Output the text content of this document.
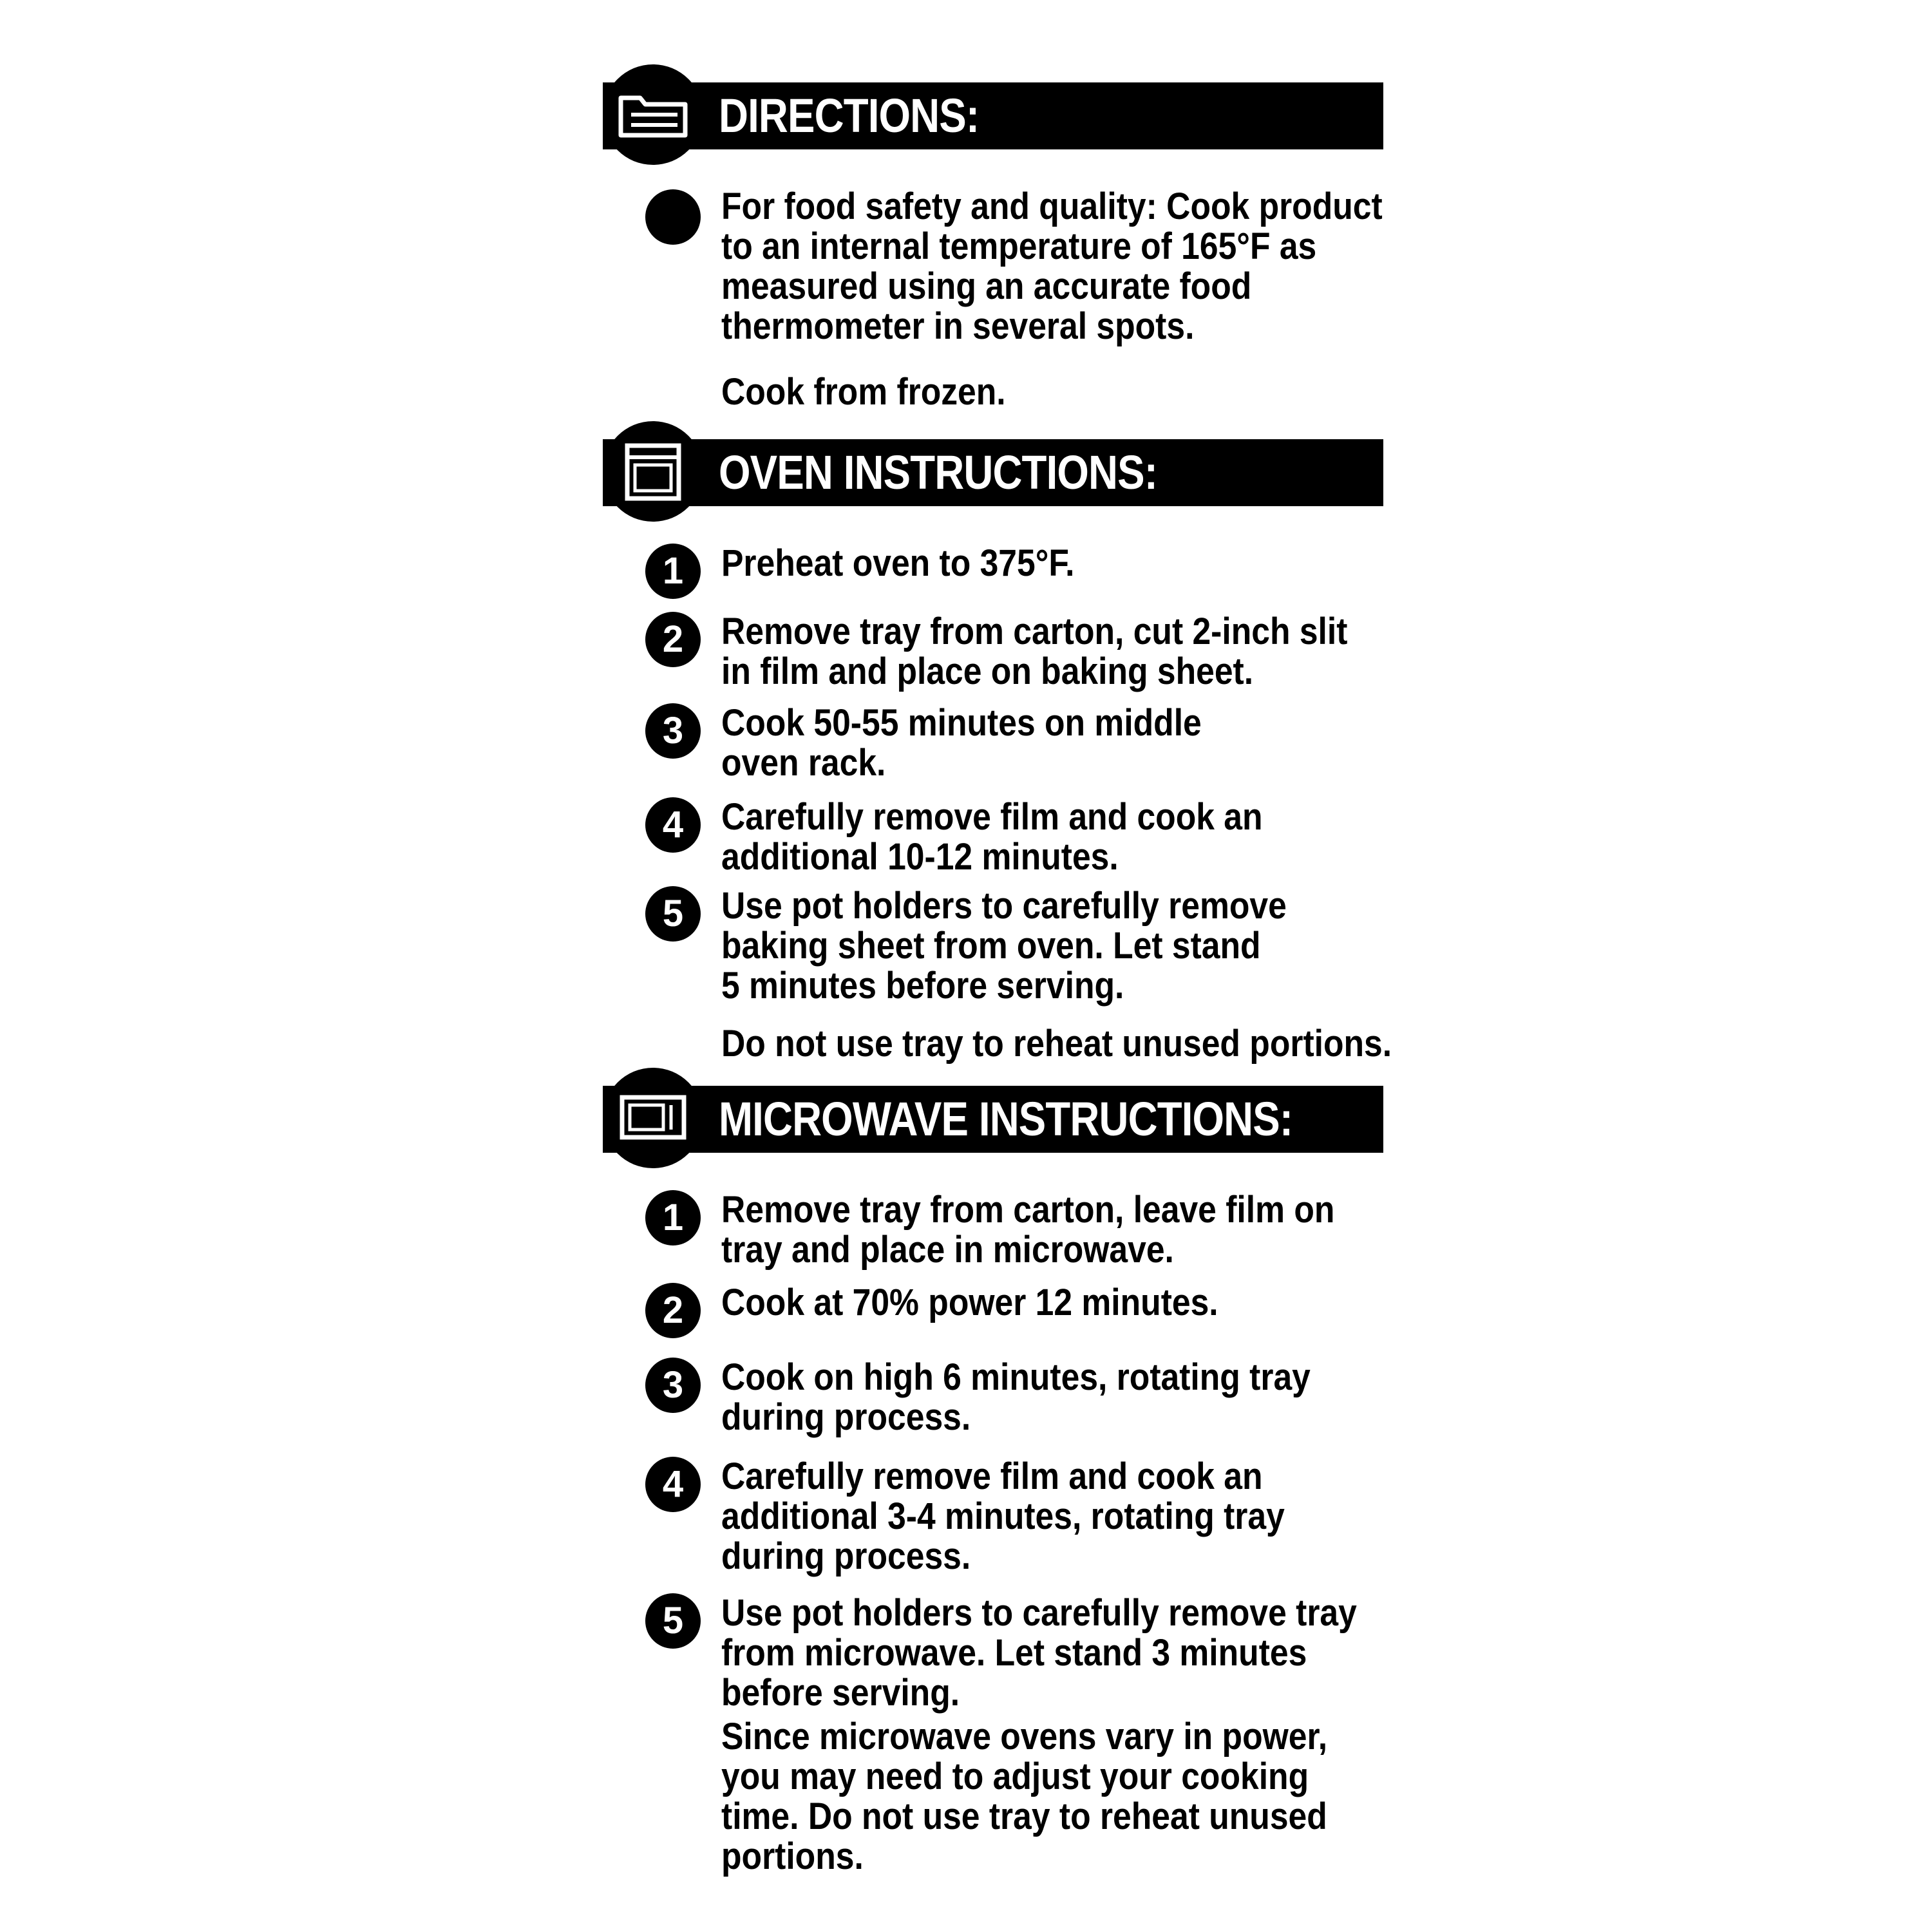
DIRECTIONS:
For food safety and quality: Cook product
to an internal temperature of 165°F as
measured using an accurate food
thermometer in several spots.
Cook from frozen.
OVEN INSTRUCTIONS:
1	Preheat oven to 375°F.
2	Remove tray from carton, cut 2-inch slit
in film and place on baking sheet.
3	Cook 50-55 minutes on middle
oven rack.
4	Carefully remove film and cook an
additional 10-12 minutes.
5	Use pot holders to carefully remove
baking sheet from oven. Let stand
5 minutes before serving.
Do not use tray to reheat unused portions.
MICROWAVE INSTRUCTIONS:
1	Remove tray from carton, leave film on
tray and place in microwave.
2	Cook at 70% power 12 minutes.
3	Cook on high 6 minutes, rotating tray
during process.
4	Carefully remove film and cook an
additional 3-4 minutes, rotating tray
during process.
5	Use pot holders to carefully remove tray
from microwave. Let stand 3 minutes
before serving.
Since microwave ovens vary in power,
you may need to adjust your cooking
time. Do not use tray to reheat unused
portions.
